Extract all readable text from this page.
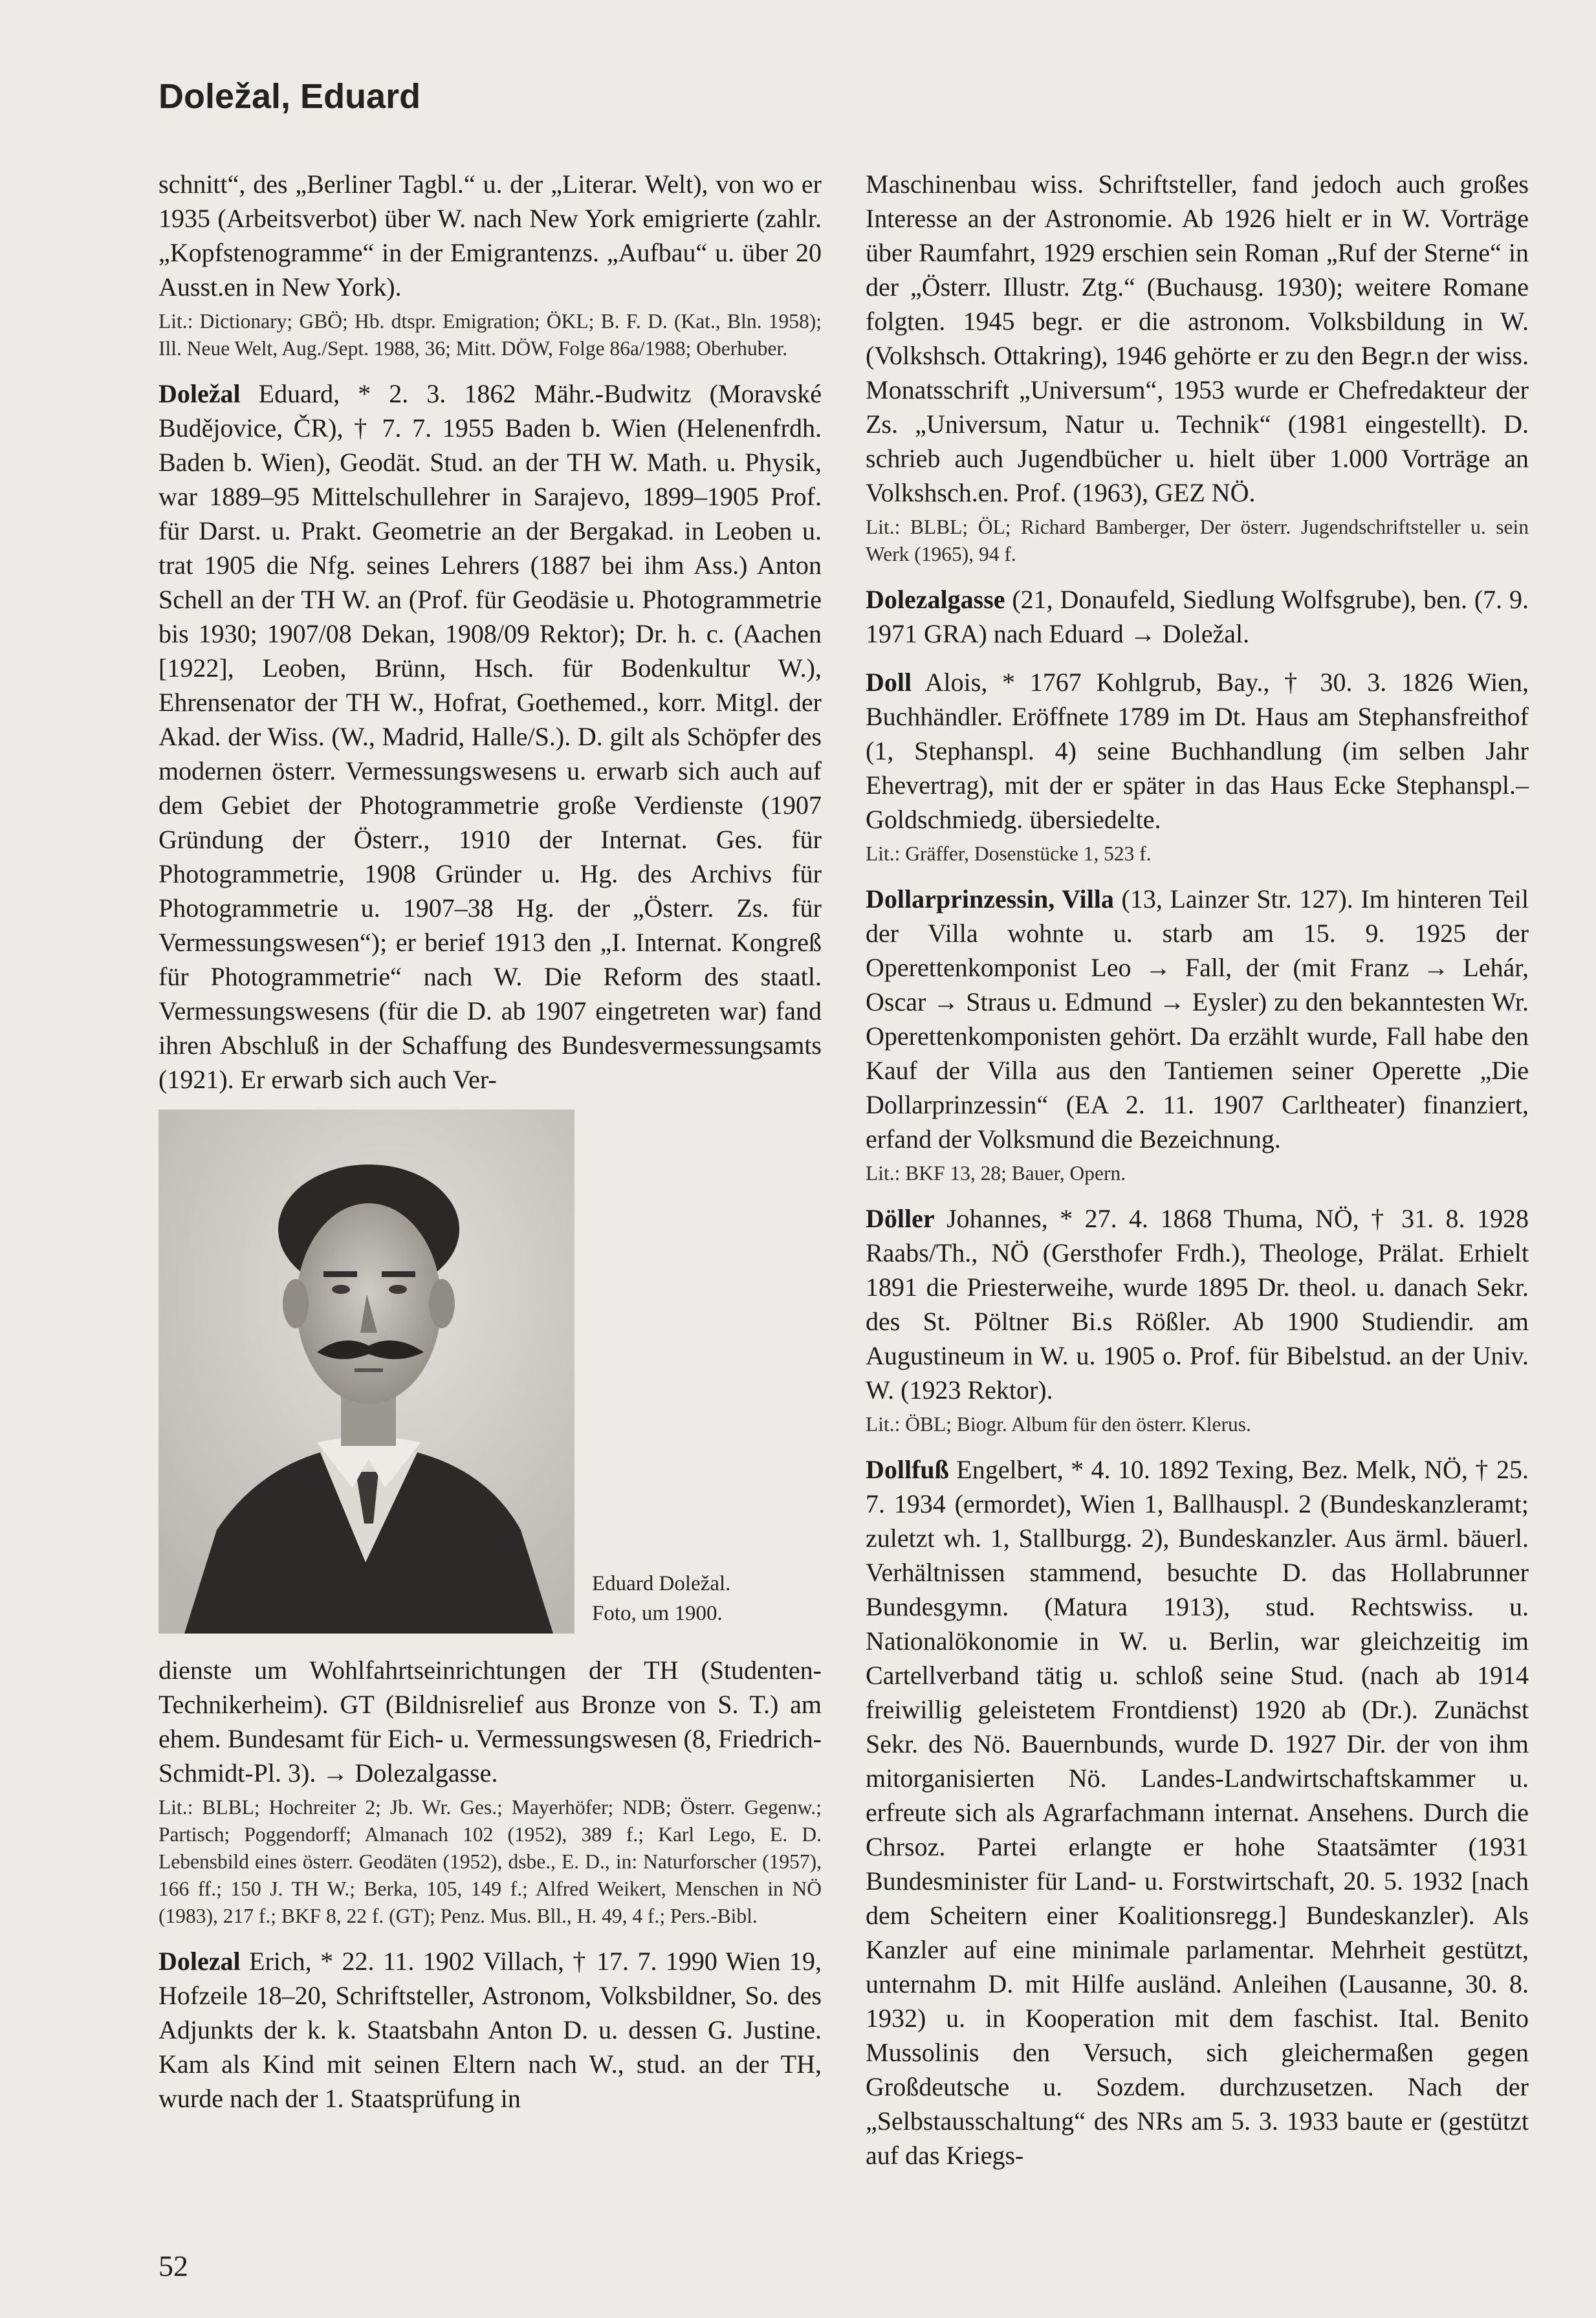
Doležal, Eduard

schnitt“, des „Berliner Tagbl.“ u. der „Literar. Welt), von wo er 1935 (Arbeitsverbot) über W. nach New York emigrierte (zahlr. „Kopfstenogramme“ in der Emigrantenzs. „Aufbau“ u. über 20 Ausst.en in New York).

Lit.: Dictionary; GBÖ; Hb. dtspr. Emigration; ÖKL; B. F. D. (Kat., Bln. 1958); Ill. Neue Welt, Aug./Sept. 1988, 36; Mitt. DÖW, Folge 86a/1988; Oberhuber.

Doležal Eduard, * 2. 3. 1862 Mähr.-Budwitz (Moravské Budějovice, ČR), † 7. 7. 1955 Baden b. Wien (Helenenfrdh. Baden b. Wien), Geodät. Stud. an der TH W. Math. u. Physik, war 1889–95 Mittelschullehrer in Sarajevo, 1899–1905 Prof. für Darst. u. Prakt. Geometrie an der Bergakad. in Leoben u. trat 1905 die Nfg. seines Lehrers (1887 bei ihm Ass.) Anton Schell an der TH W. an (Prof. für Geodäsie u. Photogrammetrie bis 1930; 1907/08 Dekan, 1908/09 Rektor); Dr. h. c. (Aachen [1922], Leoben, Brünn, Hsch. für Bodenkultur W.), Ehrensenator der TH W., Hofrat, Goethemed., korr. Mitgl. der Akad. der Wiss. (W., Madrid, Halle/S.). D. gilt als Schöpfer des modernen österr. Vermessungswesens u. erwarb sich auch auf dem Gebiet der Photogrammetrie große Verdienste (1907 Gründung der Österr., 1910 der Internat. Ges. für Photogrammetrie, 1908 Gründer u. Hg. des Archivs für Photogrammetrie u. 1907–38 Hg. der „Österr. Zs. für Vermessungswesen“); er berief 1913 den „I. Internat. Kongreß für Photogrammetrie“ nach W. Die Reform des staatl. Vermessungswesens (für die D. ab 1907 eingetreten war) fand ihren Abschluß in der Schaffung des Bundesvermessungsamts (1921). Er erwarb sich auch Ver-

Eduard Doležal.
Foto, um 1900.

dienste um Wohlfahrtseinrichtungen der TH (Studenten-Technikerheim). GT (Bildnisrelief aus Bronze von S. T.) am ehem. Bundesamt für Eich- u. Vermessungswesen (8, Friedrich-Schmidt-Pl. 3). → Dolezalgasse.

Lit.: BLBL; Hochreiter 2; Jb. Wr. Ges.; Mayerhöfer; NDB; Österr. Gegenw.; Partisch; Poggendorff; Almanach 102 (1952), 389 f.; Karl Lego, E. D. Lebensbild eines österr. Geodäten (1952), dsbe., E. D., in: Naturforscher (1957), 166 ff.; 150 J. TH W.; Berka, 105, 149 f.; Alfred Weikert, Menschen in NÖ (1983), 217 f.; BKF 8, 22 f. (GT); Penz. Mus. Bll., H. 49, 4 f.; Pers.-Bibl.

Dolezal Erich, * 22. 11. 1902 Villach, † 17. 7. 1990 Wien 19, Hofzeile 18–20, Schriftsteller, Astronom, Volksbildner, So. des Adjunkts der k. k. Staatsbahn Anton D. u. dessen G. Justine. Kam als Kind mit seinen Eltern nach W., stud. an der TH, wurde nach der 1. Staatsprüfung in

Maschinenbau wiss. Schriftsteller, fand jedoch auch großes Interesse an der Astronomie. Ab 1926 hielt er in W. Vorträge über Raumfahrt, 1929 erschien sein Roman „Ruf der Sterne“ in der „Österr. Illustr. Ztg.“ (Buchausg. 1930); weitere Romane folgten. 1945 begr. er die astronom. Volksbildung in W. (Volkshsch. Ottakring), 1946 gehörte er zu den Begr.n der wiss. Monatsschrift „Universum“, 1953 wurde er Chefredakteur der Zs. „Universum, Natur u. Technik“ (1981 eingestellt). D. schrieb auch Jugendbücher u. hielt über 1.000 Vorträge an Volkshsch.en. Prof. (1963), GEZ NÖ.

Lit.: BLBL; ÖL; Richard Bamberger, Der österr. Jugendschriftsteller u. sein Werk (1965), 94 f.

Dolezalgasse (21, Donaufeld, Siedlung Wolfsgrube), ben. (7. 9. 1971 GRA) nach Eduard → Doležal.

Doll Alois, * 1767 Kohlgrub, Bay., † 30. 3. 1826 Wien, Buchhändler. Eröffnete 1789 im Dt. Haus am Stephansfreithof (1, Stephanspl. 4) seine Buchhandlung (im selben Jahr Ehevertrag), mit der er später in das Haus Ecke Stephanspl.–Goldschmiedg. übersiedelte.

Lit.: Gräffer, Dosenstücke 1, 523 f.

Dollarprinzessin, Villa (13, Lainzer Str. 127). Im hinteren Teil der Villa wohnte u. starb am 15. 9. 1925 der Operettenkomponist Leo → Fall, der (mit Franz → Lehár, Oscar → Straus u. Edmund → Eysler) zu den bekanntesten Wr. Operettenkomponisten gehört. Da erzählt wurde, Fall habe den Kauf der Villa aus den Tantiemen seiner Operette „Die Dollarprinzessin“ (EA 2. 11. 1907 Carltheater) finanziert, erfand der Volksmund die Bezeichnung.

Lit.: BKF 13, 28; Bauer, Opern.

Döller Johannes, * 27. 4. 1868 Thuma, NÖ, † 31. 8. 1928 Raabs/Th., NÖ (Gersthofer Frdh.), Theologe, Prälat. Erhielt 1891 die Priesterweihe, wurde 1895 Dr. theol. u. danach Sekr. des St. Pöltner Bi.s Rößler. Ab 1900 Studiendir. am Augustineum in W. u. 1905 o. Prof. für Bibelstud. an der Univ. W. (1923 Rektor).

Lit.: ÖBL; Biogr. Album für den österr. Klerus.

Dollfuß Engelbert, * 4. 10. 1892 Texing, Bez. Melk, NÖ, † 25. 7. 1934 (ermordet), Wien 1, Ballhauspl. 2 (Bundeskanzleramt; zuletzt wh. 1, Stallburgg. 2), Bundeskanzler. Aus ärml. bäuerl. Verhältnissen stammend, besuchte D. das Hollabrunner Bundesgymn. (Matura 1913), stud. Rechtswiss. u. Nationalökonomie in W. u. Berlin, war gleichzeitig im Cartellverband tätig u. schloß seine Stud. (nach ab 1914 freiwillig geleistetem Frontdienst) 1920 ab (Dr.). Zunächst Sekr. des Nö. Bauernbunds, wurde D. 1927 Dir. der von ihm mitorganisierten Nö. Landes-Landwirtschaftskammer u. erfreute sich als Agrarfachmann internat. Ansehens. Durch die Chrsoz. Partei erlangte er hohe Staatsämter (1931 Bundesminister für Land- u. Forstwirtschaft, 20. 5. 1932 [nach dem Scheitern einer Koalitionsregg.] Bundeskanzler). Als Kanzler auf eine minimale parlamentar. Mehrheit gestützt, unternahm D. mit Hilfe ausländ. Anleihen (Lausanne, 30. 8. 1932) u. in Kooperation mit dem faschist. Ital. Benito Mussolinis den Versuch, sich gleichermaßen gegen Großdeutsche u. Sozdem. durchzusetzen. Nach der „Selbstausschaltung“ des NRs am 5. 3. 1933 baute er (gestützt auf das Kriegs-

52
